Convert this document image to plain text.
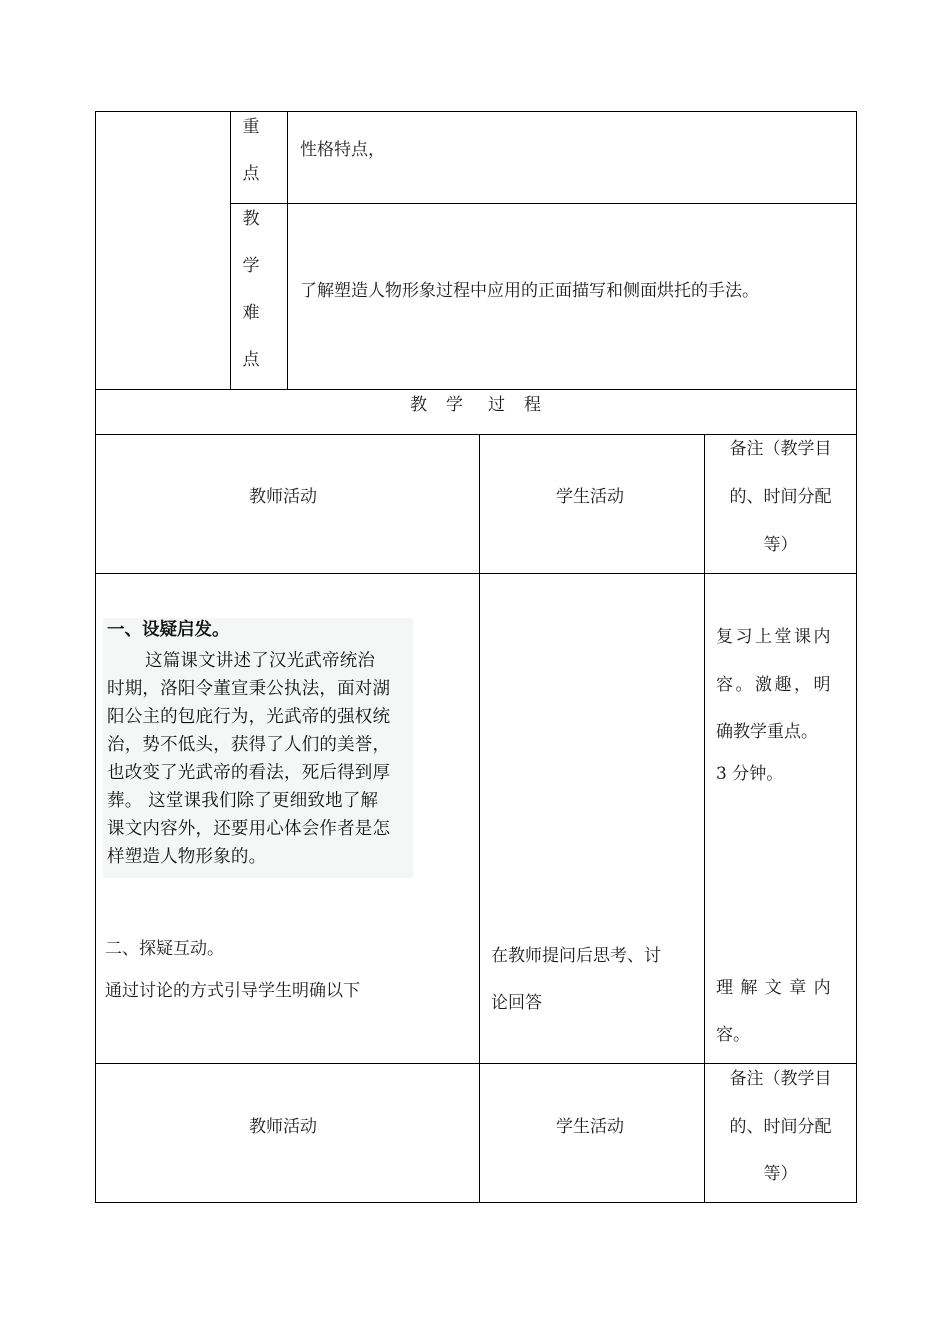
重
点
性格特点，
教
学
难
点
了解塑造人物形象过程中应用的正面描写和侧面烘托的手法。
教 学 过 程
教师活动	学生活动
备注（教学目
的、时间分配
等）
一、设疑启发。
这篇课文讲述了汉光武帝统治
时期，洛阳令董宣秉公执法，面对湖
阳公主的包庇行为，光武帝的强权统
治，势不低头，获得了人们的美誉，
也改变了光武帝的看法，死后得到厚
葬。 这堂课我们除了更细致地了解
课文内容外，还要用心体会作者是怎
样塑造人物形象的。
二、探疑互动。
通过讨论的方式引导学生明确以下
在教师提问后思考、讨
论回答
复习上堂课内
容。激趣，明
确教学重点。
3 分钟。
理 解 文 章 内
容。
教师活动	学生活动
备注（教学目
的、时间分配
等）
